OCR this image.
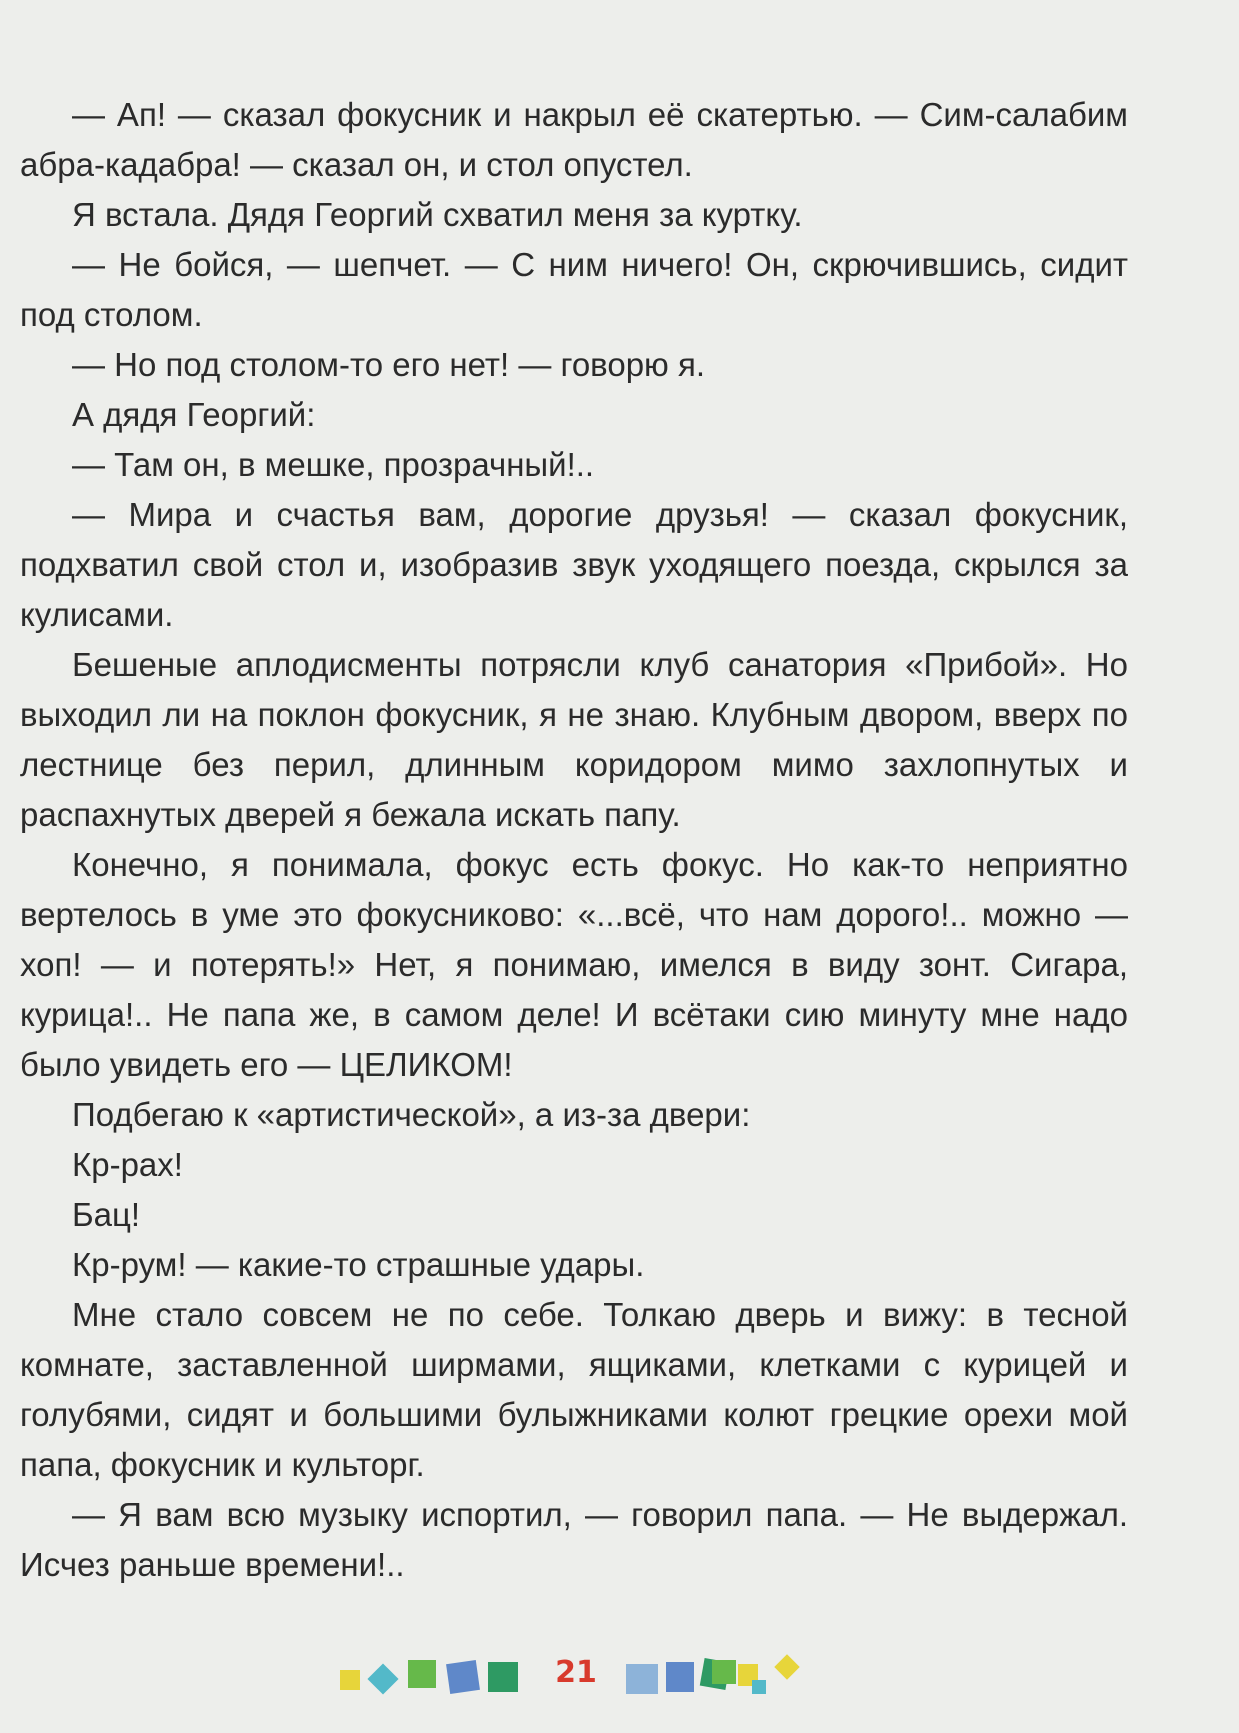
— Ап! — сказал фокусник и накрыл её скатертью. — Сим-салабим абра-кадабра! — сказал он, и стол опустел.

Я встала. Дядя Георгий схватил меня за куртку.

— Не бойся, — шепчет. — С ним ничего! Он, скрючившись, сидит под столом.

— Но под столом-то его нет! — говорю я.

А дядя Георгий:

— Там он, в мешке, прозрачный!..

— Мира и счастья вам, дорогие друзья! — сказал фокусник, подхватил свой стол и, изобразив звук уходящего поезда, скрылся за кулисами.

Бешеные аплодисменты потрясли клуб санатория «Прибой». Но выходил ли на поклон фокусник, я не знаю. Клубным двором, вверх по лестнице без перил, длинным коридором мимо захлопнутых и распахнутых дверей я бежала искать папу.

Конечно, я понимала, фокус есть фокус. Но как-то неприятно вертелось в уме это фокусниково: «...всё, что нам дорого!.. можно — хоп! — и потерять!» Нет, я понимаю, имелся в виду зонт. Сигара, курица!.. Не папа же, в самом деле! И всётаки сию минуту мне надо было увидеть его — ЦЕЛИКОМ!

Подбегаю к «артистической», а из-за двери:

Кр-рах!

Бац!

Кр-рум! — какие-то страшные удары.

Мне стало совсем не по себе. Толкаю дверь и вижу: в тесной комнате, заставленной ширмами, ящиками, клетками с курицей и голубями, сидят и большими булыжниками колют грецкие орехи мой папа, фокусник и культорг.

— Я вам всю музыку испортил, — говорил папа. — Не выдержал. Исчез раньше времени!..

21
